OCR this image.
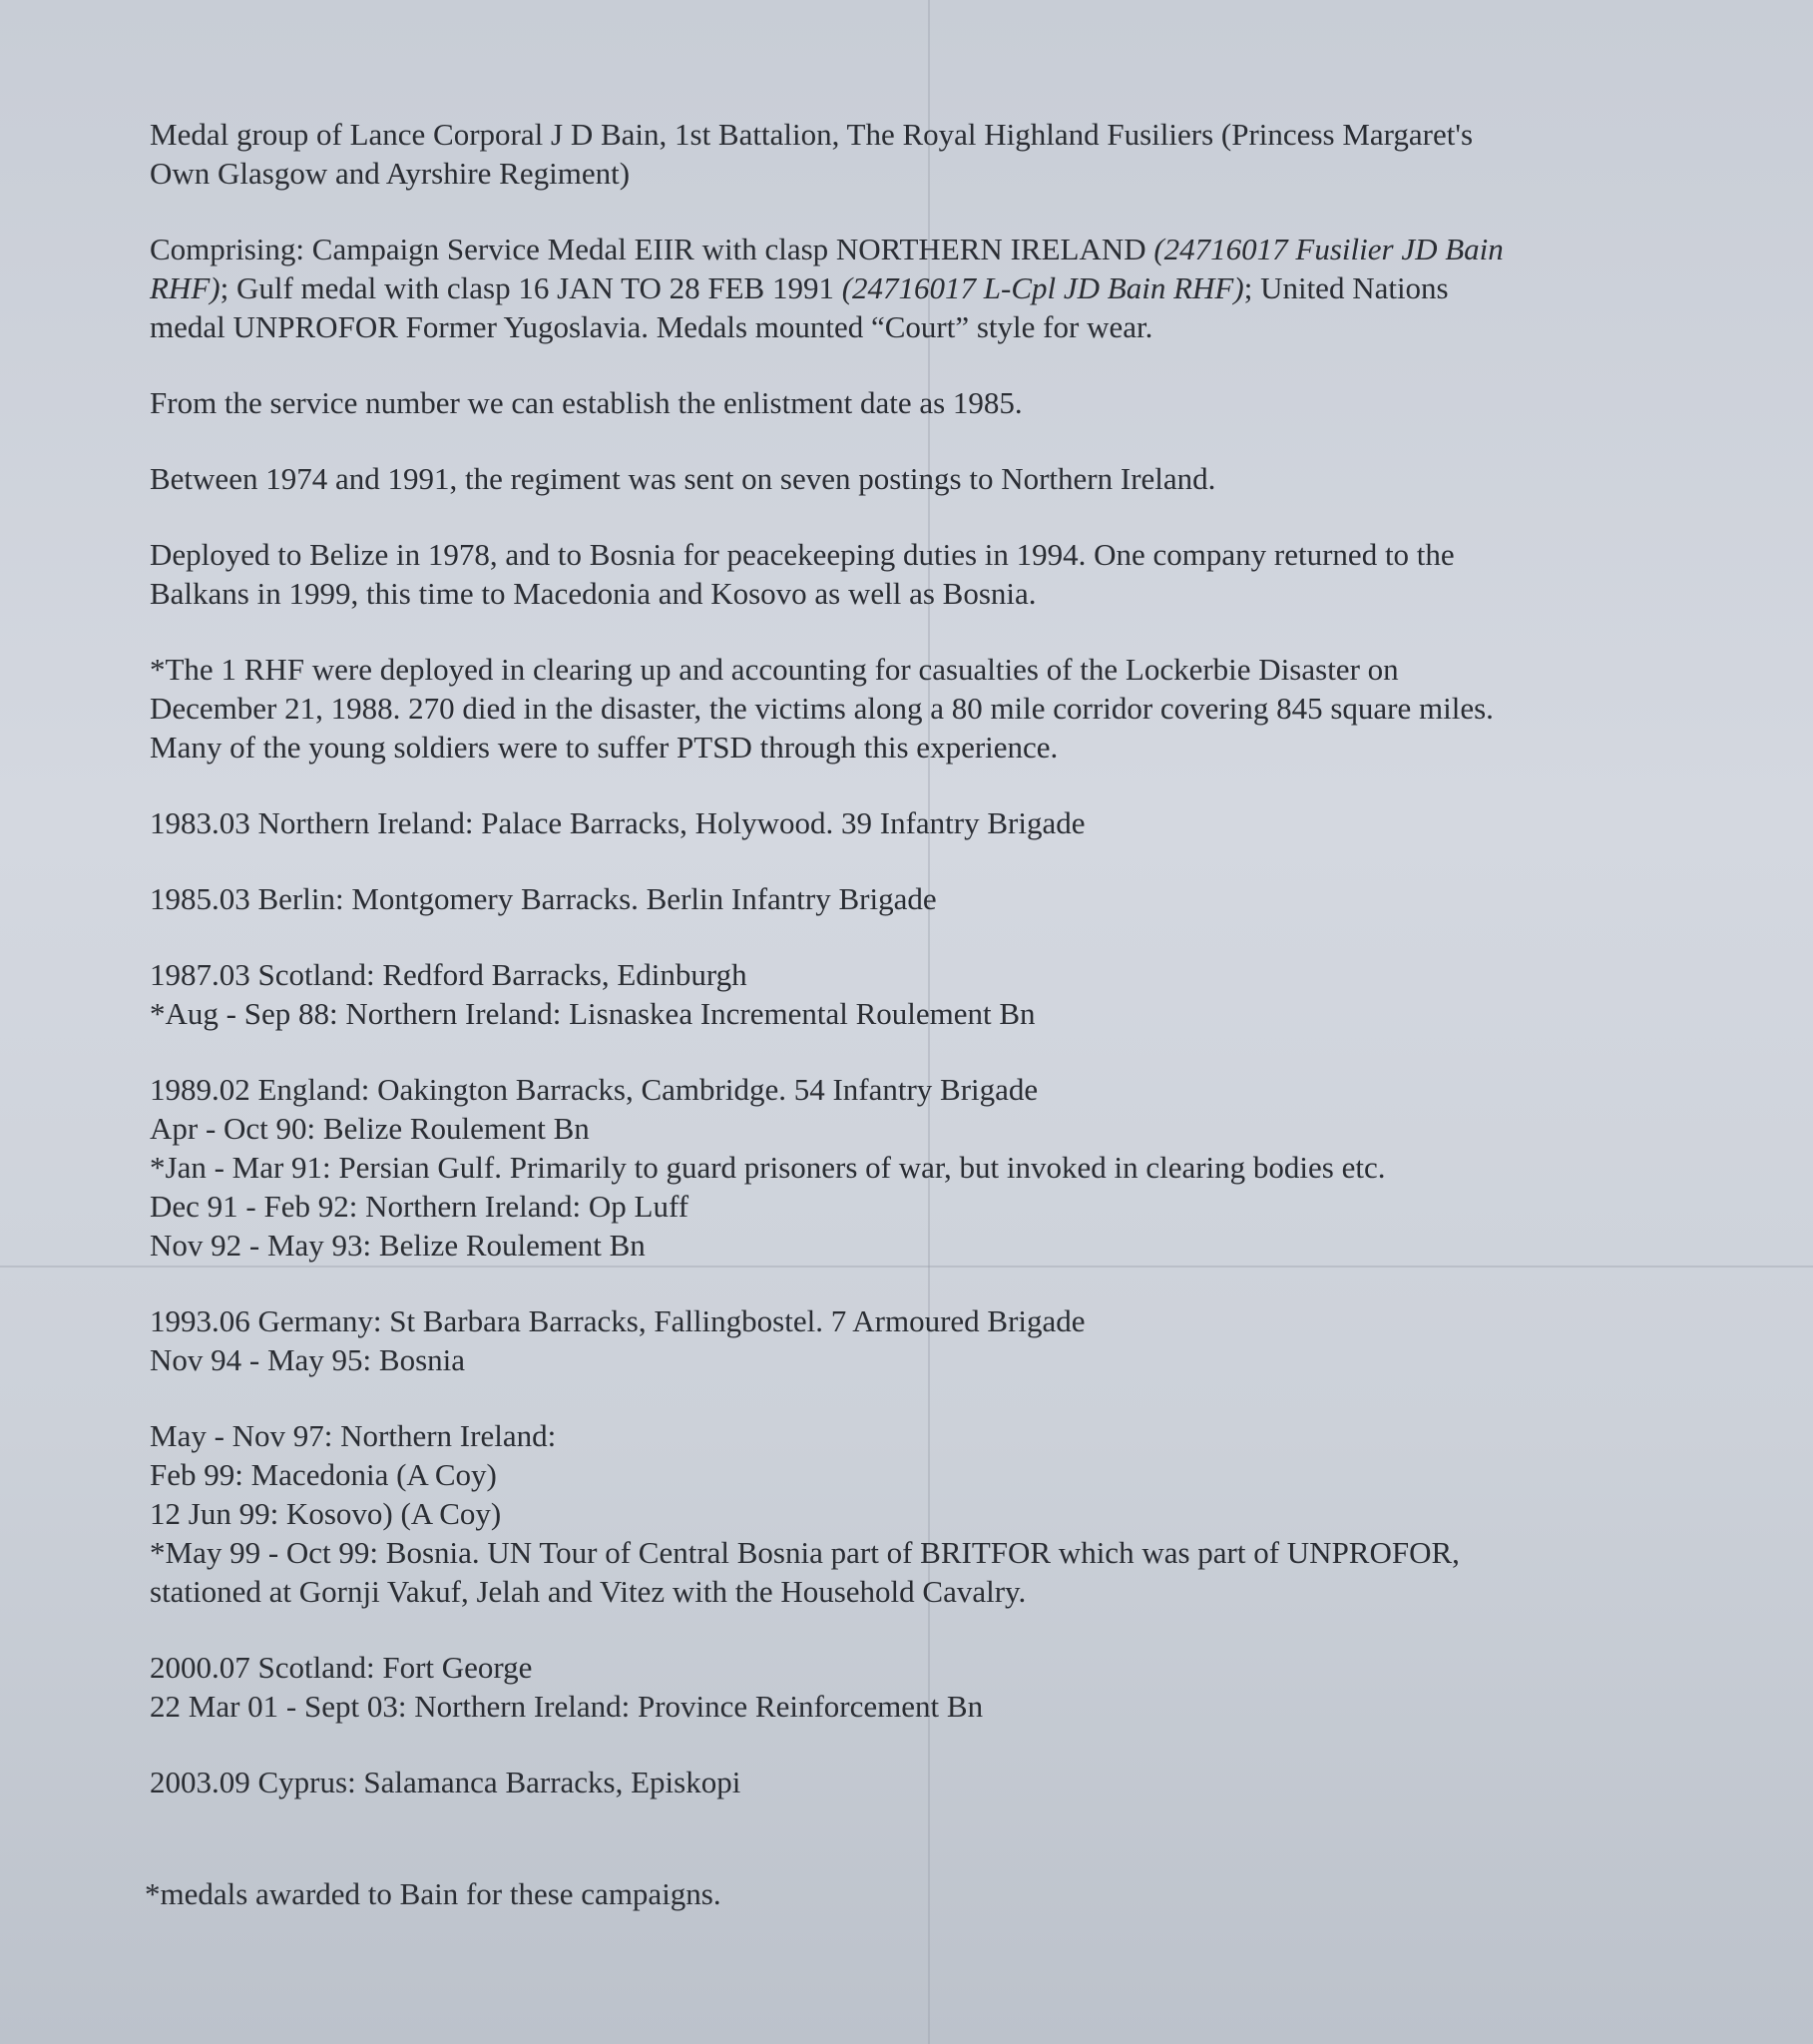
Medal group of Lance Corporal J D Bain, 1st Battalion, The Royal Highland Fusiliers (Princess Margaret's
Own Glasgow and Ayrshire Regiment)

Comprising: Campaign Service Medal EIIR with clasp NORTHERN IRELAND (24716017 Fusilier JD Bain
RHF); Gulf medal with clasp 16 JAN TO 28 FEB 1991 (24716017 L-Cpl JD Bain RHF); United Nations
medal UNPROFOR Former Yugoslavia. Medals mounted “Court” style for wear.

From the service number we can establish the enlistment date as 1985.

Between 1974 and 1991, the regiment was sent on seven postings to Northern Ireland.

Deployed to Belize in 1978, and to Bosnia for peacekeeping duties in 1994. One company returned to the
Balkans in 1999, this time to Macedonia and Kosovo as well as Bosnia.

*The 1 RHF were deployed in clearing up and accounting for casualties of the Lockerbie Disaster on
December 21, 1988. 270 died in the disaster, the victims along a 80 mile corridor covering 845 square miles.
Many of the young soldiers were to suffer PTSD through this experience.

1983.03 Northern Ireland: Palace Barracks, Holywood. 39 Infantry Brigade

1985.03 Berlin: Montgomery Barracks. Berlin Infantry Brigade

1987.03 Scotland: Redford Barracks, Edinburgh
*Aug - Sep 88: Northern Ireland: Lisnaskea Incremental Roulement Bn

1989.02 England: Oakington Barracks, Cambridge. 54 Infantry Brigade
Apr - Oct 90: Belize Roulement Bn
*Jan - Mar 91: Persian Gulf. Primarily to guard prisoners of war, but invoked in clearing bodies etc.
Dec 91 - Feb 92: Northern Ireland: Op Luff
Nov 92 - May 93: Belize Roulement Bn

1993.06 Germany: St Barbara Barracks, Fallingbostel. 7 Armoured Brigade
Nov 94 - May 95: Bosnia

May - Nov 97: Northern Ireland:
Feb 99: Macedonia (A Coy)
12 Jun 99: Kosovo) (A Coy)
*May 99 - Oct 99: Bosnia. UN Tour of Central Bosnia part of BRITFOR which was part of UNPROFOR,
stationed at Gornji Vakuf, Jelah and Vitez with the Household Cavalry.

2000.07 Scotland: Fort George
22 Mar 01 - Sept 03: Northern Ireland: Province Reinforcement Bn

2003.09 Cyprus: Salamanca Barracks, Episkopi

*medals awarded to Bain for these campaigns.
